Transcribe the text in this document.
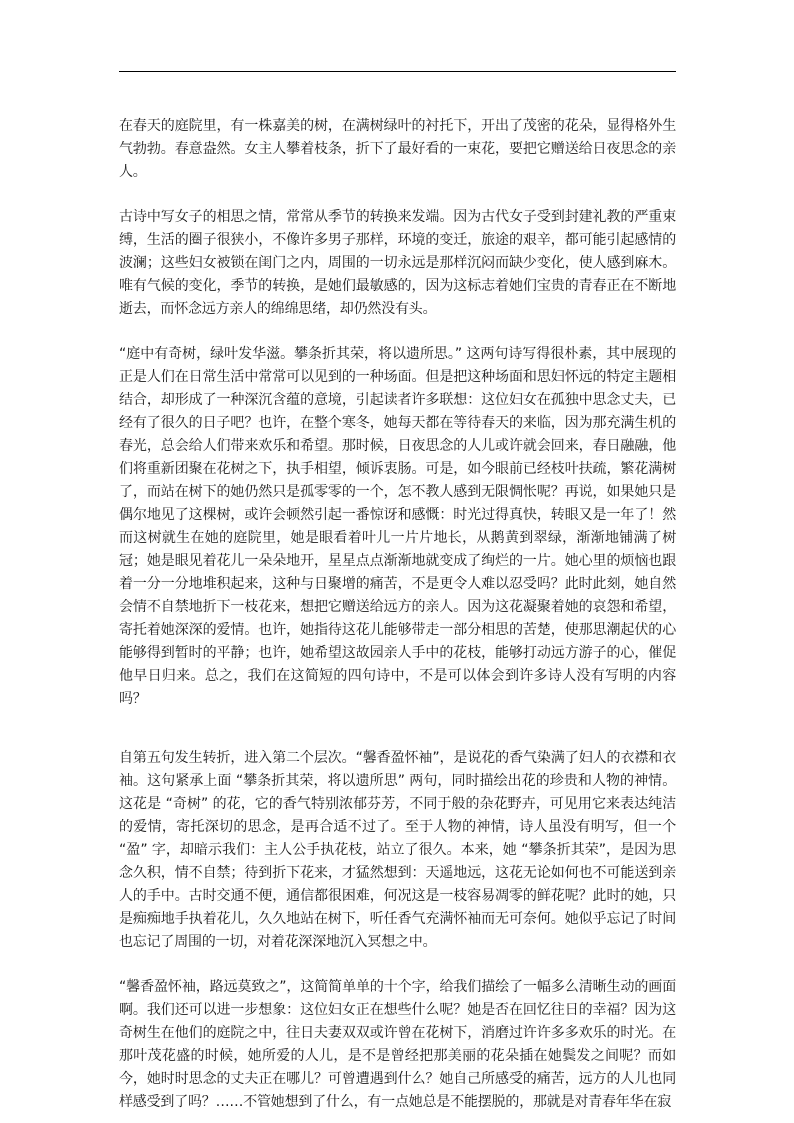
在春天的庭院里，有一株嘉美的树，在满树绿叶的衬托下，开出了茂密的花朵，显得格外生气勃勃。春意盎然。女主人攀着枝条，折下了最好看的一束花，要把它赠送给日夜思念的亲人。

古诗中写女子的相思之情，常常从季节的转换来发端。因为古代女子受到封建礼教的严重束缚，生活的圈子很狭小，不像许多男子那样，环境的变迁，旅途的艰辛，都可能引起感情的波澜；这些妇女被锁在闺门之内，周围的一切永远是那样沉闷而缺少变化，使人感到麻木。唯有气候的变化，季节的转换，是她们最敏感的，因为这标志着她们宝贵的青春正在不断地逝去，而怀念远方亲人的绵绵思绪，却仍然没有头。

“庭中有奇树，绿叶发华滋。攀条折其荣，将以遗所思。” 这两句诗写得很朴素，其中展现的正是人们在日常生活中常常可以见到的一种场面。但是把这种场面和思妇怀远的特定主题相结合，却形成了一种深沉含蕴的意境，引起读者许多联想：这位妇女在孤独中思念丈夫，已经有了很久的日子吧？也许，在整个寒冬，她每天都在等待春天的来临，因为那充满生机的春光，总会给人们带来欢乐和希望。那时候，日夜思念的人儿或许就会回来，春日融融，他们将重新团聚在花树之下，执手相望，倾诉衷肠。可是，如今眼前已经枝叶扶疏，繁花满树了，而站在树下的她仍然只是孤零零的一个，怎不教人感到无限惆怅呢？再说，如果她只是偶尔地见了这棵树，或许会顿然引起一番惊讶和感慨：时光过得真快，转眼又是一年了！然而这树就生在她的庭院里，她是眼看着叶儿一片片地长，从鹅黄到翠绿，渐渐地铺满了树冠；她是眼见着花儿一朵朵地开，星星点点渐渐地就变成了绚烂的一片。她心里的烦恼也跟着一分一分地堆积起来，这种与日聚增的痛苦，不是更令人难以忍受吗？此时此刻，她自然会情不自禁地折下一枝花来，想把它赠送给远方的亲人。因为这花凝聚着她的哀怨和希望，寄托着她深深的爱情。也许，她指待这花儿能够带走一部分相思的苦楚，使那思潮起伏的心能够得到暂时的平静；也许，她希望这故园亲人手中的花枝，能够打动远方游子的心，催促他早日归来。总之，我们在这简短的四句诗中，不是可以体会到许多诗人没有写明的内容吗？

自第五句发生转折，进入第二个层次。“馨香盈怀袖”，是说花的香气染满了妇人的衣襟和衣袖。这句紧承上面 “攀条折其荣，将以遗所思” 两句，同时描绘出花的珍贵和人物的神情。这花是 “奇树” 的花，它的香气特别浓郁芬芳，不同于般的杂花野卉，可见用它来表达纯洁的爱情，寄托深切的思念，是再合适不过了。至于人物的神情，诗人虽没有明写，但一个 “盈” 字，却暗示我们：主人公手执花枝，站立了很久。本来，她 “攀条折其荣”，是因为思念久积，情不自禁；待到折下花来，才猛然想到：天遥地远，这花无论如何也不可能送到亲人的手中。古时交通不便，通信都很困难，何况这是一枝容易凋零的鲜花呢？此时的她，只是痴痴地手执着花儿，久久地站在树下，听任香气充满怀袖而无可奈何。她似乎忘记了时间也忘记了周围的一切，对着花深深地沉入冥想之中。

“馨香盈怀袖，路远莫致之”，这简简单单的十个字，给我们描绘了一幅多么清晰生动的画面啊。我们还可以进一步想象：这位妇女正在想些什么呢？她是否在回忆往日的幸福？因为这奇树生在他们的庭院之中，往日夫妻双双或许曾在花树下，消磨过许许多多欢乐的时光。在那叶茂花盛的时候，她所爱的人儿，是不是曾经把那美丽的花朵插在她鬓发之间呢？而如今，她时时思念的丈夫正在哪儿？可曾遭遇到什么？她自己所感受的痛苦，远方的人儿也同样感受到了吗？……不管她想到了什么，有一点她总是不能摆脱的，那就是对青春年华在寂
